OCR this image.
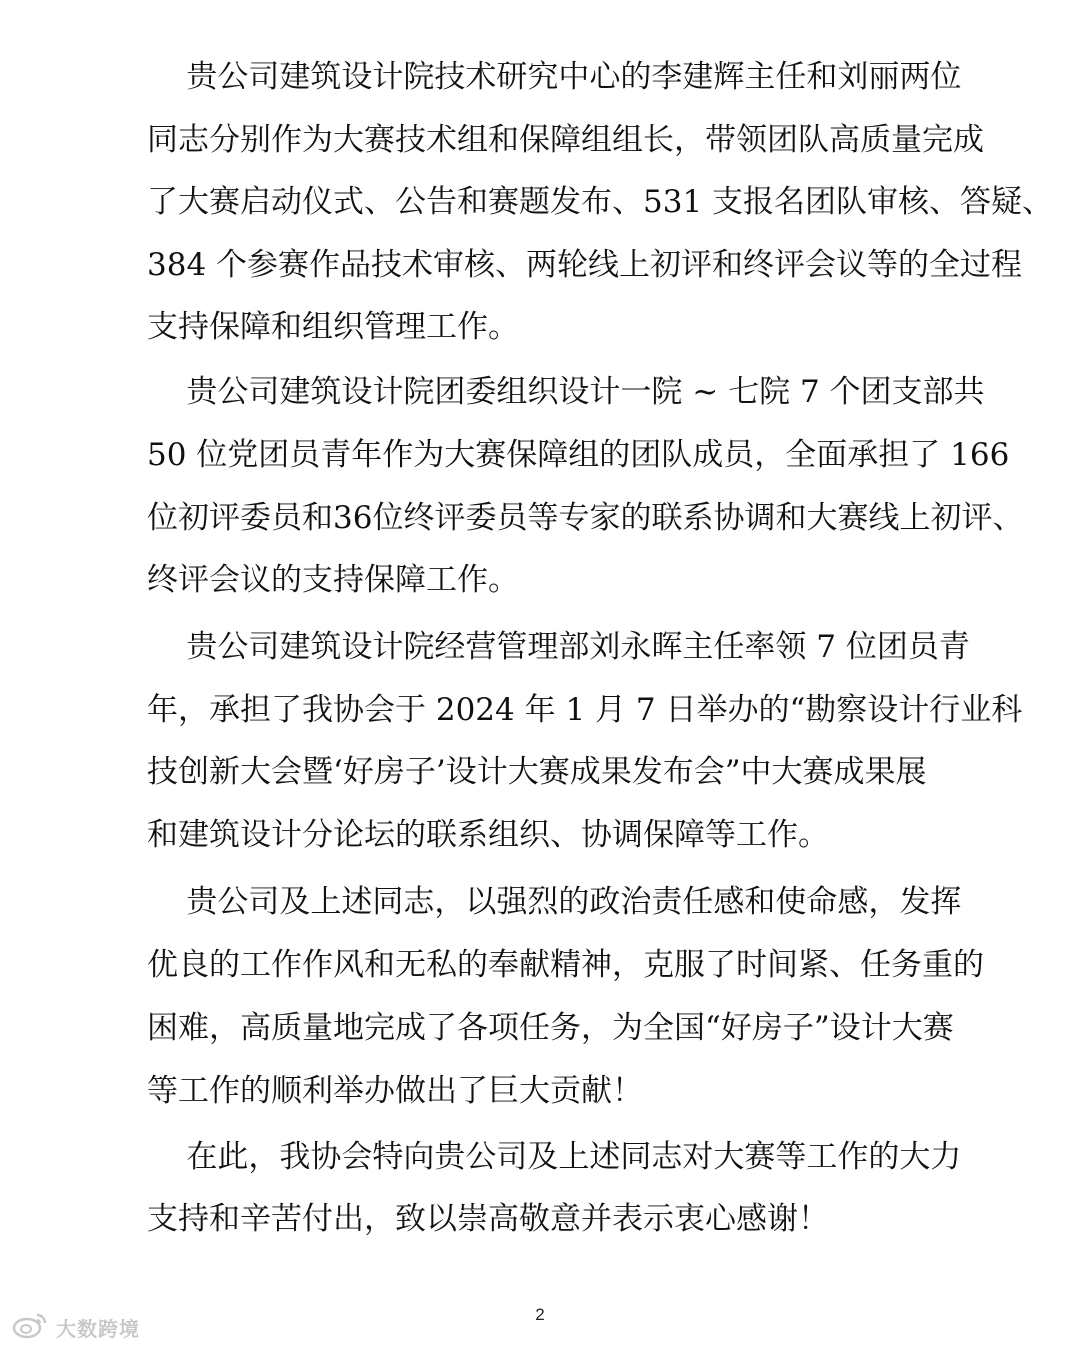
贵公司建筑设计院技术研究中心的李建辉主任和刘丽两位
同志分别作为大赛技术组和保障组组长，带领团队高质量完成
了大赛启动仪式、公告和赛题发布、531 支报名团队审核、答疑、
384 个参赛作品技术审核、两轮线上初评和终评会议等的全过程
支持保障和组织管理工作。
贵公司建筑设计院团委组织设计一院 ~ 七院 7 个团支部共
50 位党团员青年作为大赛保障组的团队成员，全面承担了 166
位初评委员和36位终评委员等专家的联系协调和大赛线上初评、
终评会议的支持保障工作。
贵公司建筑设计院经营管理部刘永晖主任率领 7 位团员青
年，承担了我协会于 2024 年 1 月 7 日举办的“勘察设计行业科
技创新大会暨‘好房子’设计大赛成果发布会”中大赛成果展
和建筑设计分论坛的联系组织、协调保障等工作。
贵公司及上述同志，以强烈的政治责任感和使命感，发挥
优良的工作作风和无私的奉献精神，克服了时间紧、任务重的
困难，高质量地完成了各项任务，为全国“好房子”设计大赛
等工作的顺利举办做出了巨大贡献！
在此，我协会特向贵公司及上述同志对大赛等工作的大力
支持和辛苦付出，致以崇高敬意并表示衷心感谢！
2
大数跨境
